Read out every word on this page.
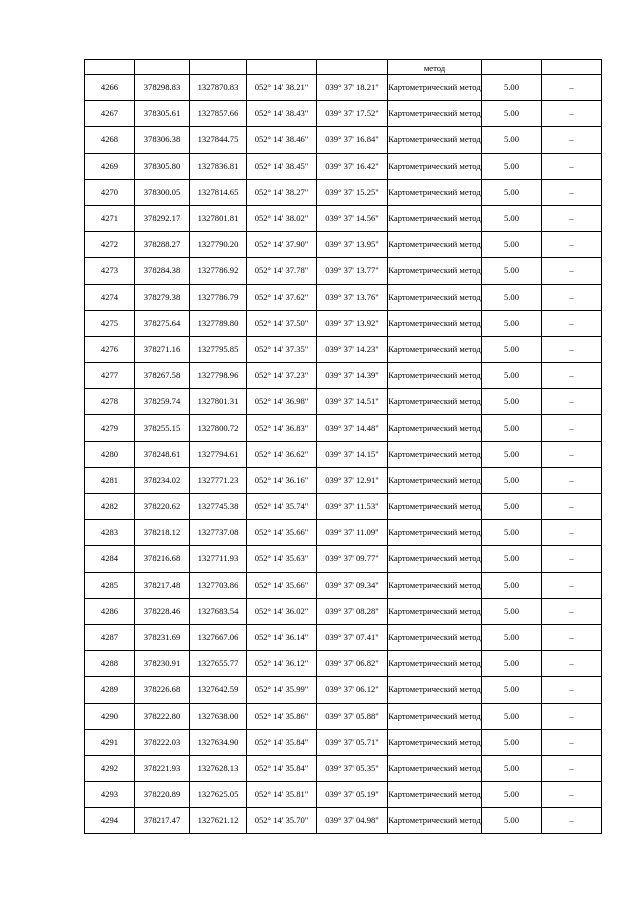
					метод		

4266	378298.83	1327870.83	052° 14' 38.21"	039° 37' 18.21"	Картометрический метод	5.00	–
4267	378305.61	1327857.66	052° 14' 38.43"	039° 37' 17.52"	Картометрический метод	5.00	–
4268	378306.38	1327844.75	052° 14' 38.46"	039° 37' 16.84"	Картометрический метод	5.00	–
4269	378305.80	1327836.81	052° 14' 38.45"	039° 37' 16.42"	Картометрический метод	5.00	–
4270	378300.05	1327814.65	052° 14' 38.27"	039° 37' 15.25"	Картометрический метод	5.00	–
4271	378292.17	1327801.81	052° 14' 38.02"	039° 37' 14.56"	Картометрический метод	5.00	–
4272	378288.27	1327790.20	052° 14' 37.90"	039° 37' 13.95"	Картометрический метод	5.00	–
4273	378284.38	1327786.92	052° 14' 37.78"	039° 37' 13.77"	Картометрический метод	5.00	–
4274	378279.38	1327786.79	052° 14' 37.62"	039° 37' 13.76"	Картометрический метод	5.00	–
4275	378275.64	1327789.80	052° 14' 37.50"	039° 37' 13.92"	Картометрический метод	5.00	–
4276	378271.16	1327795.85	052° 14' 37.35"	039° 37' 14.23"	Картометрический метод	5.00	–
4277	378267.58	1327798.96	052° 14' 37.23"	039° 37' 14.39"	Картометрический метод	5.00	–
4278	378259.74	1327801.31	052° 14' 36.98"	039° 37' 14.51"	Картометрический метод	5.00	–
4279	378255.15	1327800.72	052° 14' 36.83"	039° 37' 14.48"	Картометрический метод	5.00	–
4280	378248.61	1327794.61	052° 14' 36.62"	039° 37' 14.15"	Картометрический метод	5.00	–
4281	378234.02	1327771.23	052° 14' 36.16"	039° 37' 12.91"	Картометрический метод	5.00	–
4282	378220.62	1327745.38	052° 14' 35.74"	039° 37' 11.53"	Картометрический метод	5.00	–
4283	378218.12	1327737.08	052° 14' 35.66"	039° 37' 11.09"	Картометрический метод	5.00	–
4284	378216.68	1327711.93	052° 14' 35.63"	039° 37' 09.77"	Картометрический метод	5.00	–
4285	378217.48	1327703.86	052° 14' 35.66"	039° 37' 09.34"	Картометрический метод	5.00	–
4286	378228.46	1327683.54	052° 14' 36.02"	039° 37' 08.28"	Картометрический метод	5.00	–
4287	378231.69	1327667.06	052° 14' 36.14"	039° 37' 07.41"	Картометрический метод	5.00	–
4288	378230.91	1327655.77	052° 14' 36.12"	039° 37' 06.82"	Картометрический метод	5.00	–
4289	378226.68	1327642.59	052° 14' 35.99"	039° 37' 06.12"	Картометрический метод	5.00	–
4290	378222.80	1327638.00	052° 14' 35.86"	039° 37' 05.88"	Картометрический метод	5.00	–
4291	378222.03	1327634.90	052° 14' 35.84"	039° 37' 05.71"	Картометрический метод	5.00	–
4292	378221.93	1327628.13	052° 14' 35.84"	039° 37' 05.35"	Картометрический метод	5.00	–
4293	378220.89	1327625.05	052° 14' 35.81"	039° 37' 05.19"	Картометрический метод	5.00	–
4294	378217.47	1327621.12	052° 14' 35.70"	039° 37' 04.98"	Картометрический метод	5.00	–
